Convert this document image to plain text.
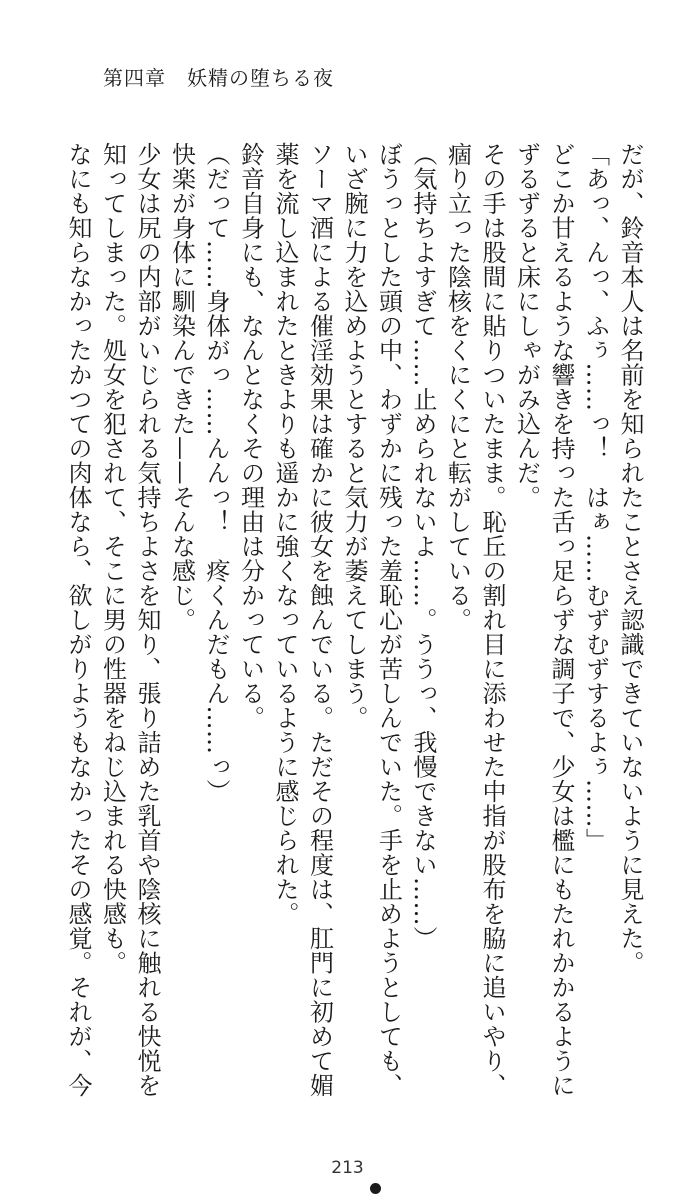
第四章　妖精の堕ちる夜
だが、鈴音本人は名前を知られたことさえ認識できていないように見えた。
「あっ、んっ、ふぅ……っ！　はぁ……むずむずするよぅ……」
どこか甘えるような響きを持った舌っ足らずな調子で、少女は檻にもたれかかるように
ずるずると床にしゃがみ込んだ。
その手は股間に貼りついたまま。恥丘の割れ目に添わせた中指が股布を脇に追いやり、
痼り立った陰核をくにくにと転がしている。
（気持ちよすぎて……止められないよ……。ううっ、我慢できない……）
ぼうっとした頭の中、わずかに残った羞恥心が苦しんでいた。手を止めようとしても、
いざ腕に力を込めようとすると気力が萎えてしまう。
ソーマ酒による催淫効果は確かに彼女を蝕んでいる。ただその程度は、肛門に初めて媚
薬を流し込まれたときよりも遥かに強くなっているように感じられた。
鈴音自身にも、なんとなくその理由は分かっている。
（だって……身体がっ……んんっ！　疼くんだもん……っ）
快楽が身体に馴染んできた——そんな感じ。
少女は尻の内部がいじられる気持ちよさを知り、張り詰めた乳首や陰核に触れる快悦を
知ってしまった。処女を犯されて、そこに男の性器をねじ込まれる快感も。
なにも知らなかったかつての肉体なら、欲しがりようもなかったその感覚。それが、今
213
